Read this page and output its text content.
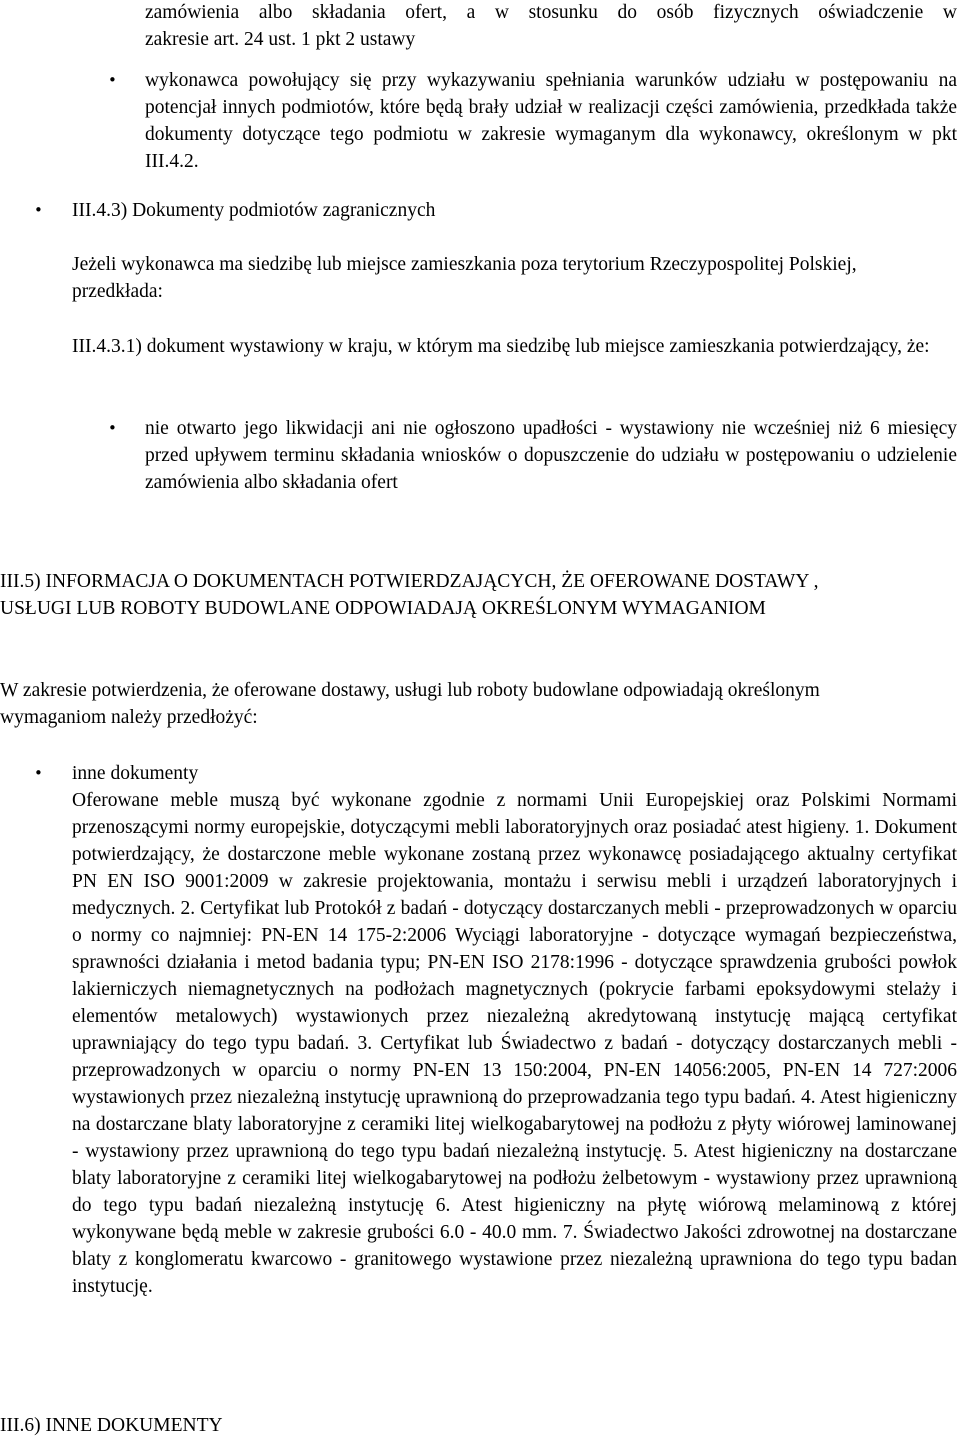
zamówienia albo składania ofert, a w stosunku do osób fizycznych oświadczenie w

zakresie art. 24 ust. 1 pkt 2 ustawy

• wykonawca powołujący się przy wykazywaniu spełniania warunków udziału w postępowaniu na potencjał innych podmiotów, które będą brały udział w realizacji części zamówienia, przedkłada także dokumenty dotyczące tego podmiotu w zakresie wymaganym dla wykonawcy, określonym w pkt III.4.2.

• III.4.3) Dokumenty podmiotów zagranicznych

Jeżeli wykonawca ma siedzibę lub miejsce zamieszkania poza terytorium Rzeczypospolitej Polskiej, przedkłada:

III.4.3.1) dokument wystawiony w kraju, w którym ma siedzibę lub miejsce zamieszkania potwierdzający, że:

• nie otwarto jego likwidacji ani nie ogłoszono upadłości - wystawiony nie wcześniej niż 6 miesięcy przed upływem terminu składania wniosków o dopuszczenie do udziału w postępowaniu o udzielenie zamówienia albo składania ofert

III.5) INFORMACJA O DOKUMENTACH POTWIERDZAJĄCYCH, ŻE OFEROWANE DOSTAWY , USŁUGI LUB ROBOTY BUDOWLANE ODPOWIADAJĄ OKREŚLONYM WYMAGANIOM

W zakresie potwierdzenia, że oferowane dostawy, usługi lub roboty budowlane odpowiadają określonym wymaganiom należy przedłożyć:

• inne dokumenty

Oferowane meble muszą być wykonane zgodnie z normami Unii Europejskiej oraz Polskimi Normami przenoszącymi normy europejskie, dotyczącymi mebli laboratoryjnych oraz posiadać atest higieny. 1. Dokument potwierdzający, że dostarczone meble wykonane zostaną przez wykonawcę posiadającego aktualny certyfikat PN EN ISO 9001:2009 w zakresie projektowania, montażu i serwisu mebli i urządzeń laboratoryjnych i medycznych. 2. Certyfikat lub Protokół z badań - dotyczący dostarczanych mebli - przeprowadzonych w oparciu o normy co najmniej: PN-EN 14 175-2:2006 Wyciągi laboratoryjne - dotyczące wymagań bezpieczeństwa, sprawności działania i metod badania typu; PN-EN ISO 2178:1996 - dotyczące sprawdzenia grubości powłok lakierniczych niemagnetycznych na podłożach magnetycznych (pokrycie farbami epoksydowymi stelaży i elementów metalowych) wystawionych przez niezależną akredytowaną instytucję mającą certyfikat uprawniający do tego typu badań. 3. Certyfikat lub Świadectwo z badań - dotyczący dostarczanych mebli -przeprowadzonych w oparciu o normy PN-EN 13 150:2004, PN-EN 14056:2005, PN-EN 14 727:2006 wystawionych przez niezależną instytucję uprawnioną do przeprowadzania tego typu badań. 4. Atest higieniczny na dostarczane blaty laboratoryjne z ceramiki litej wielkogabarytowej na podłożu z płyty wiórowej laminowanej - wystawiony przez uprawnioną do tego typu badań niezależną instytucję. 5. Atest higieniczny na dostarczane blaty laboratoryjne z ceramiki litej wielkogabarytowej na podłożu żelbetowym - wystawiony przez uprawnioną do tego typu badań niezależną instytucję 6. Atest higieniczny na płytę wiórową melaminową z której wykonywane będą meble w zakresie grubości 6.0 - 40.0 mm. 7. Świadectwo Jakości zdrowotnej na dostarczane blaty z konglomeratu kwarcowo - granitowego wystawione przez niezależną uprawniona do tego typu badan instytucję.

III.6) INNE DOKUMENTY
